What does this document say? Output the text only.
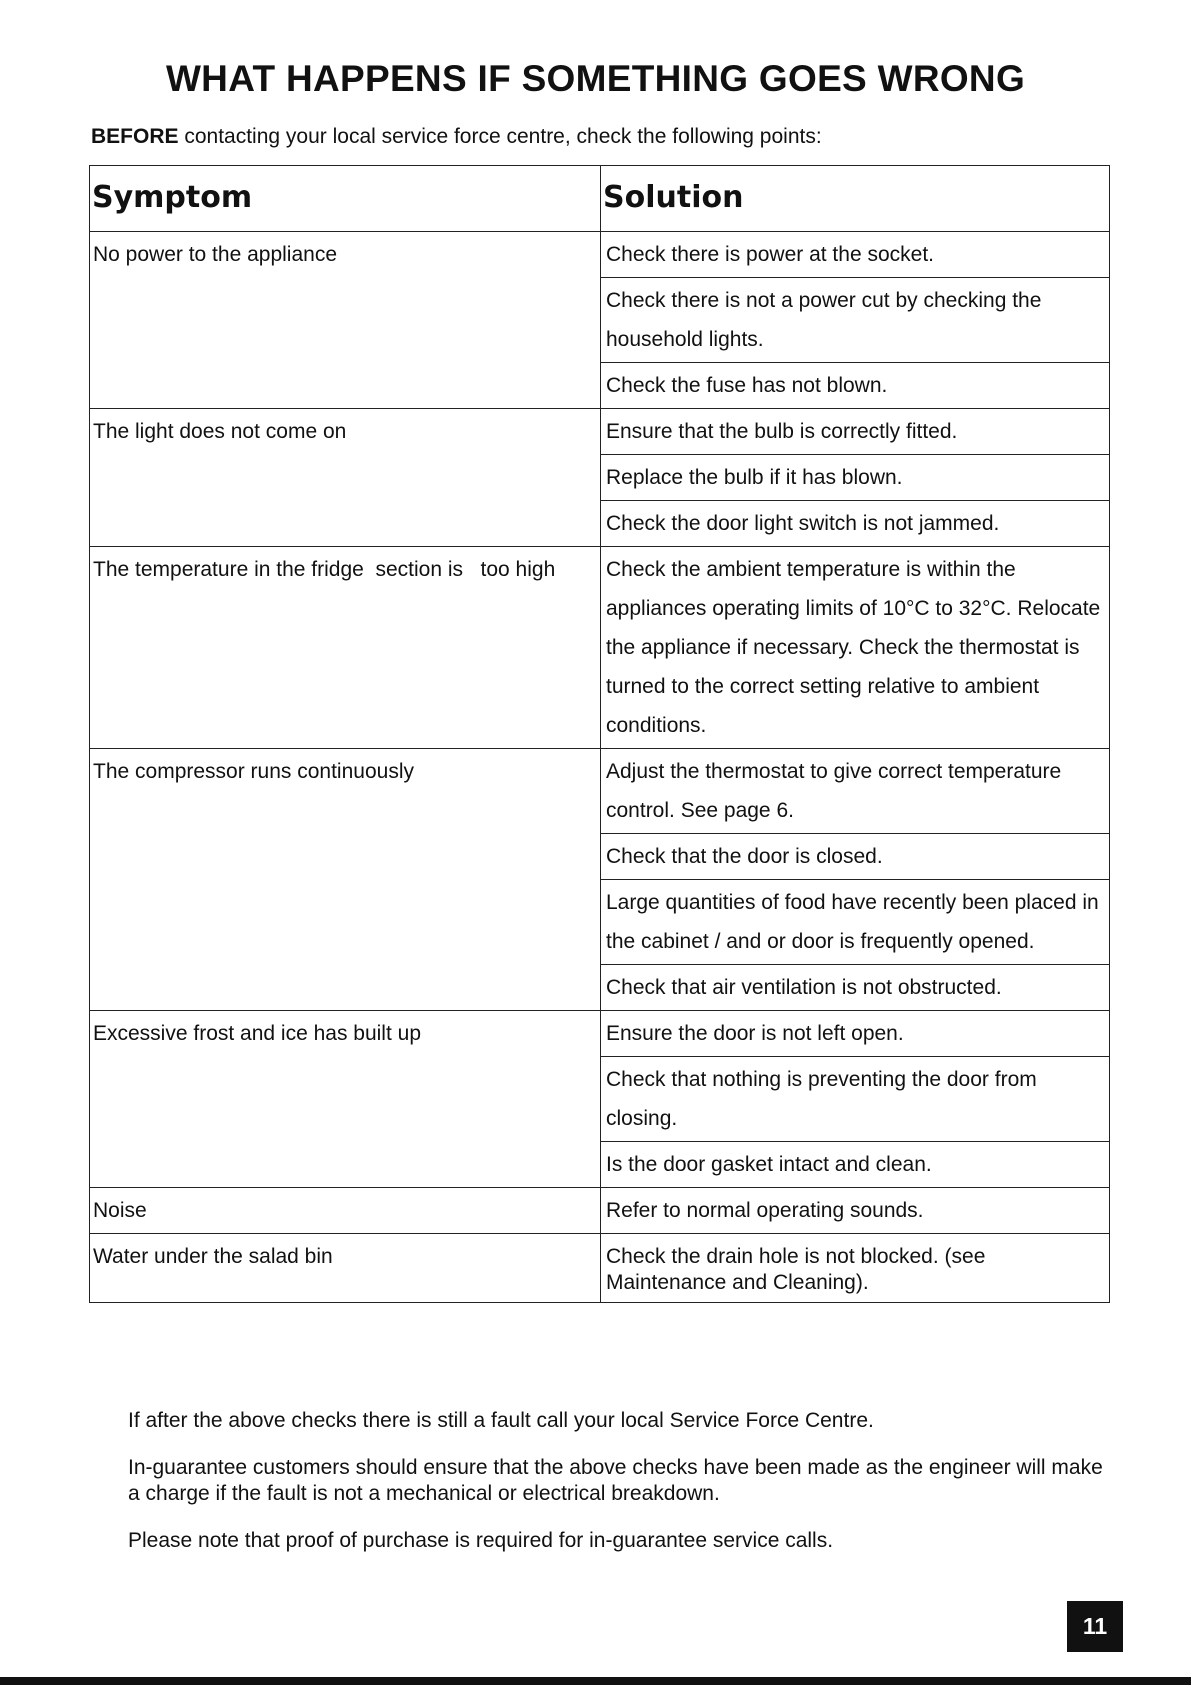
WHAT HAPPENS IF SOMETHING GOES WRONG

BEFORE contacting your local service force centre, check the following points:

Symptom	Solution
No power to the appliance	Check there is power at the socket.
	Check there is not a power cut by checking the household lights.
	Check the fuse has not blown.
The light does not come on	Ensure that the bulb is correctly fitted.
	Replace the bulb if it has blown.
	Check the door light switch is not jammed.
The temperature in the fridge  section is   too high	Check the ambient temperature is within the appliances operating limits of 10°C to 32°C. Relocate the appliance if necessary. Check the thermostat is turned to the correct setting relative to ambient conditions.
The compressor runs continuously	Adjust the thermostat to give correct temperature control. See page 6.
	Check that the door is closed.
	Large quantities of food have recently been placed in the cabinet / and or door is frequently opened.
	Check that air ventilation is not obstructed.
Excessive frost and ice has built up	Ensure the door is not left open.
	Check that nothing is preventing the door from closing.
	Is the door gasket intact and clean.
Noise	Refer to normal operating sounds.
Water under the salad bin	Check the drain hole is not blocked. (see Maintenance and Cleaning).

If after the above checks there is still a fault call your local Service Force Centre.

In-guarantee customers should ensure that the above checks have been made as the engineer will make a charge if the fault is not a mechanical or electrical breakdown.

Please note that proof of purchase is required for in-guarantee service calls.

11
